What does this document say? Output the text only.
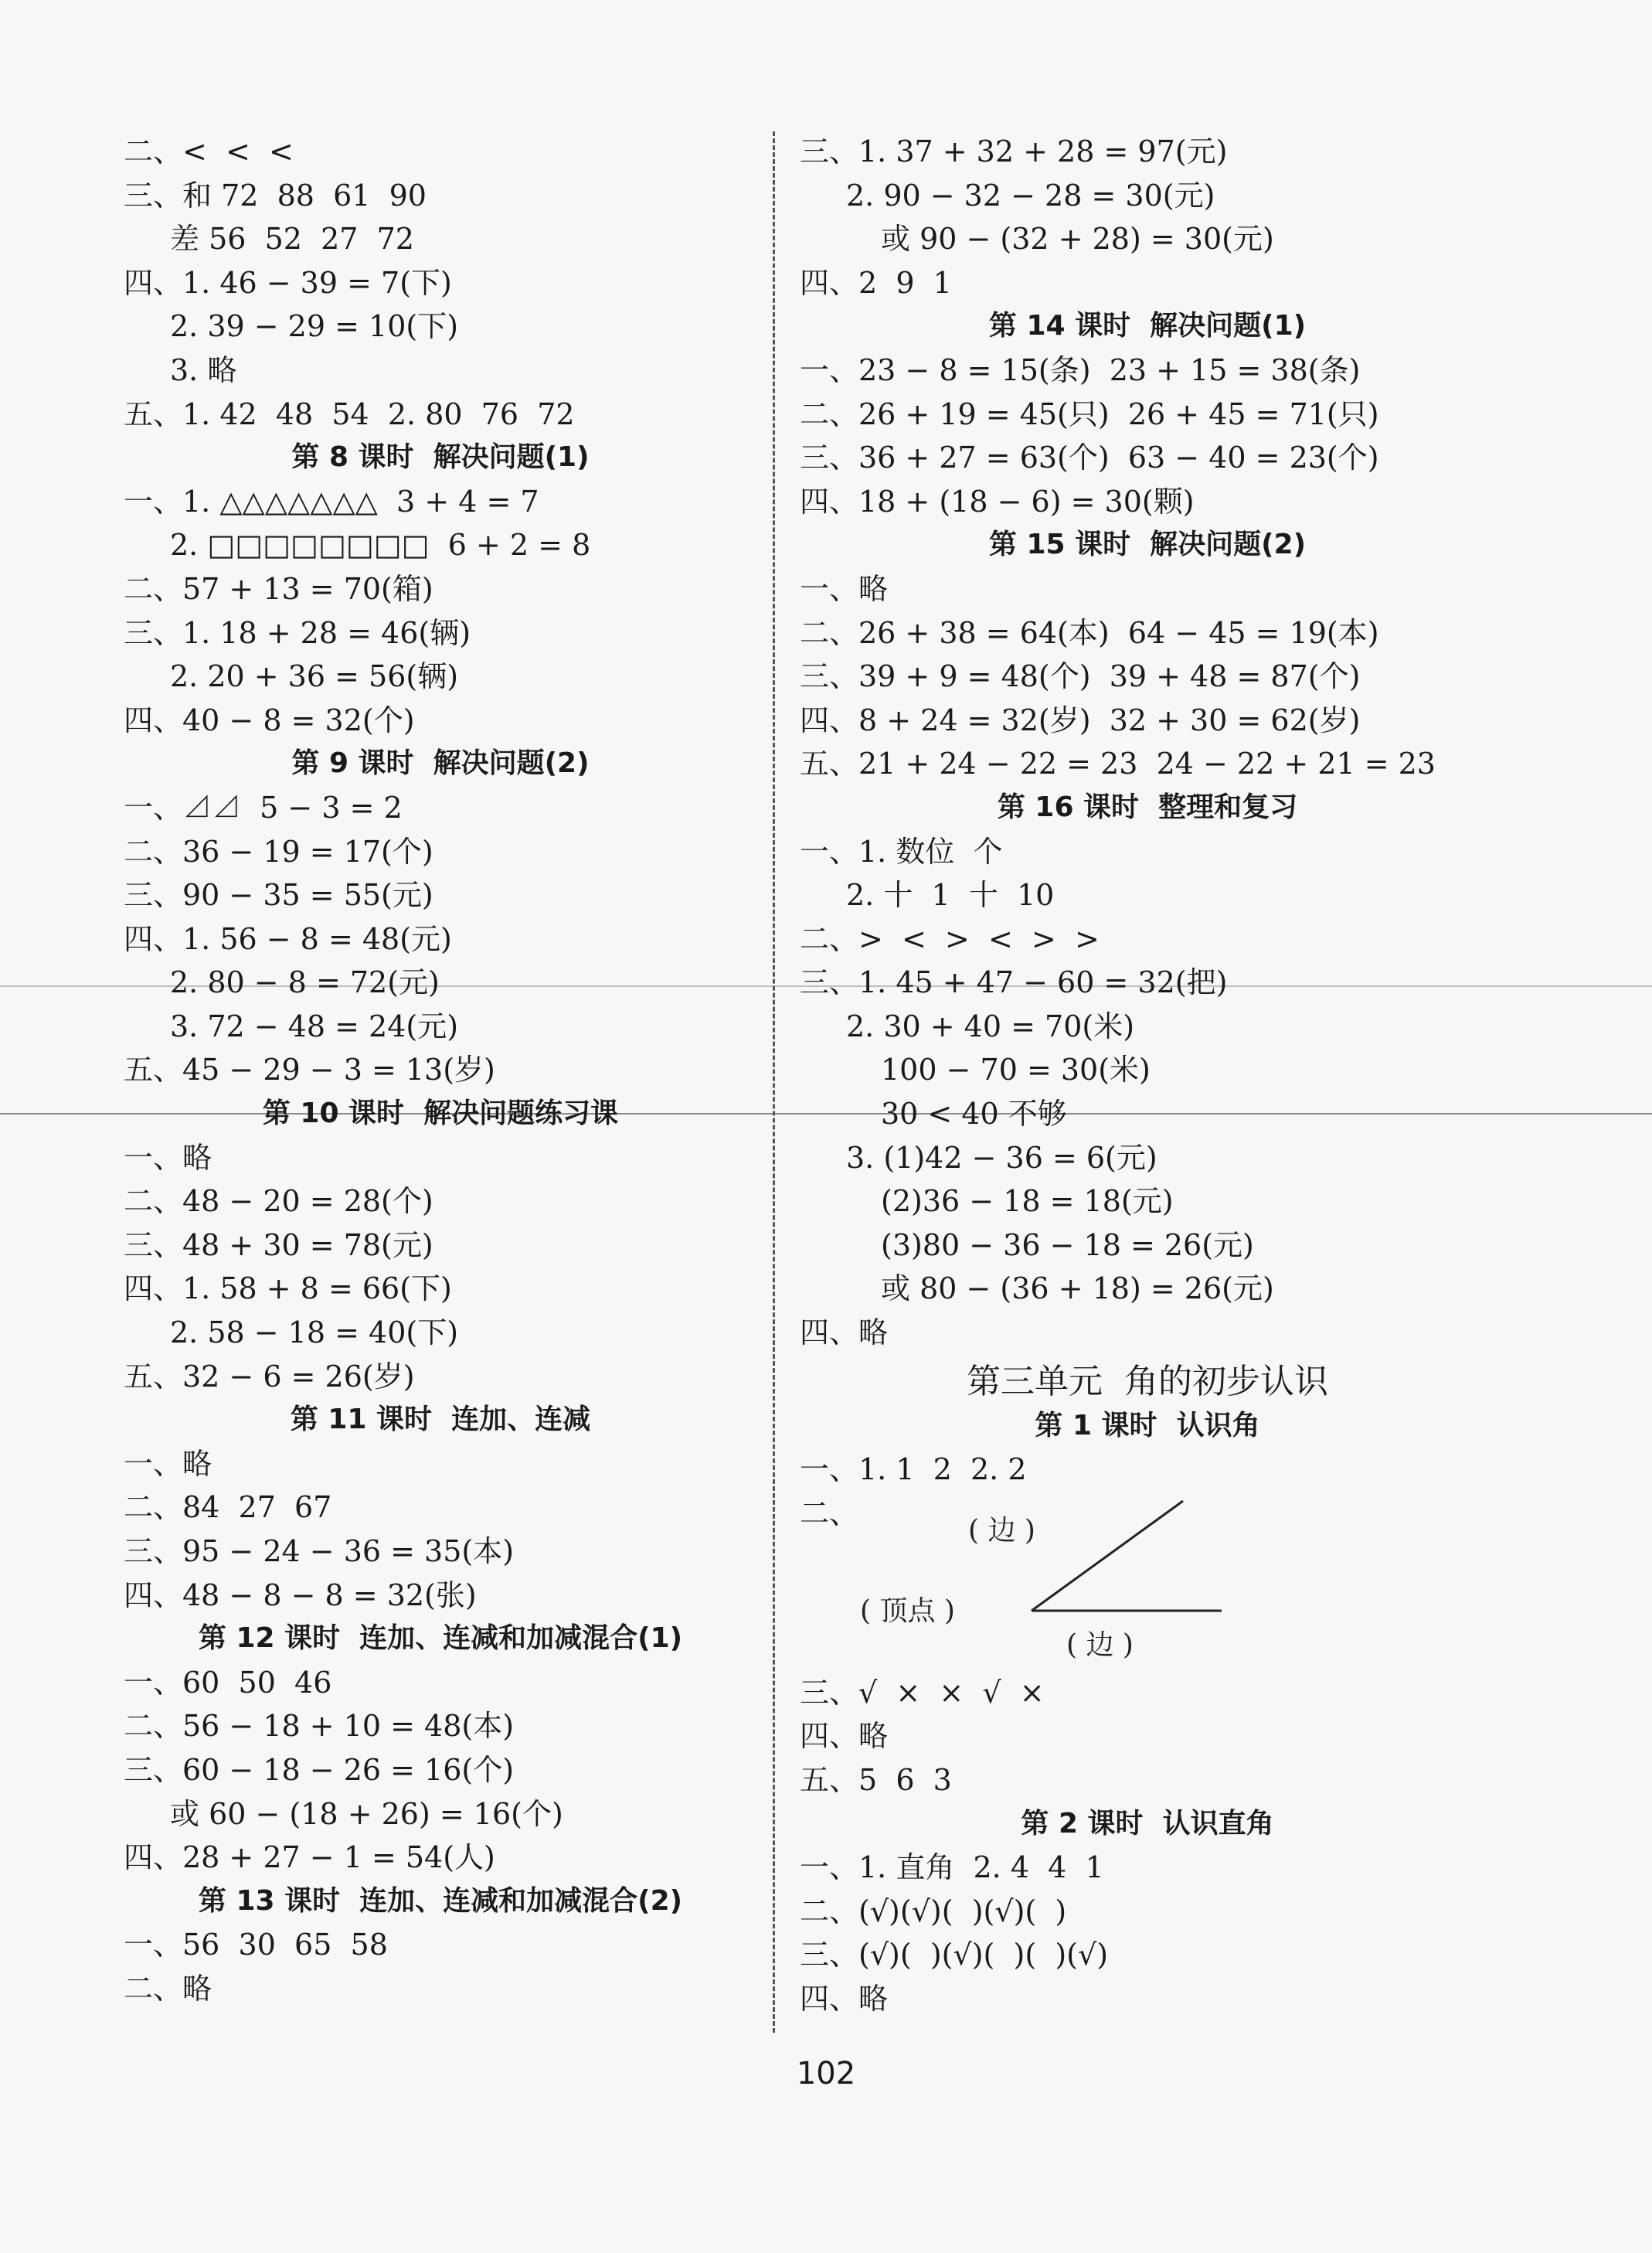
二、<  <  <
三、和 72  88  61  90
差 56  52  27  72
四、1. 46 − 39 = 7(下)
2. 39 − 29 = 10(下)
3. 略
五、1. 42  48  54  2. 80  76  72
第 8 课时  解决问题(1)
一、1. △△△△△△△  3 + 4 = 7
2. □□□□□□□□  6 + 2 = 8
二、57 + 13 = 70(箱)
三、1. 18 + 28 = 46(辆)
2. 20 + 36 = 56(辆)
四、40 − 8 = 32(个)
第 9 课时  解决问题(2)
一、⊿⊿  5 − 3 = 2
二、36 − 19 = 17(个)
三、90 − 35 = 55(元)
四、1. 56 − 8 = 48(元)
2. 80 − 8 = 72(元)
3. 72 − 48 = 24(元)
五、45 − 29 − 3 = 13(岁)
第 10 课时  解决问题练习课
一、略
二、48 − 20 = 28(个)
三、48 + 30 = 78(元)
四、1. 58 + 8 = 66(下)
2. 58 − 18 = 40(下)
五、32 − 6 = 26(岁)
第 11 课时  连加、连减
一、略
二、84  27  67
三、95 − 24 − 36 = 35(本)
四、48 − 8 − 8 = 32(张)
第 12 课时  连加、连减和加减混合(1)
一、60  50  46
二、56 − 18 + 10 = 48(本)
三、60 − 18 − 26 = 16(个)
或 60 − (18 + 26) = 16(个)
四、28 + 27 − 1 = 54(人)
第 13 课时  连加、连减和加减混合(2)
一、56  30  65  58
二、略
三、1. 37 + 32 + 28 = 97(元)
2. 90 − 32 − 28 = 30(元)
或 90 − (32 + 28) = 30(元)
四、2  9  1
第 14 课时  解决问题(1)
一、23 − 8 = 15(条)  23 + 15 = 38(条)
二、26 + 19 = 45(只)  26 + 45 = 71(只)
三、36 + 27 = 63(个)  63 − 40 = 23(个)
四、18 + (18 − 6) = 30(颗)
第 15 课时  解决问题(2)
一、略
二、26 + 38 = 64(本)  64 − 45 = 19(本)
三、39 + 9 = 48(个)  39 + 48 = 87(个)
四、8 + 24 = 32(岁)  32 + 30 = 62(岁)
五、21 + 24 − 22 = 23  24 − 22 + 21 = 23
第 16 课时  整理和复习
一、1. 数位  个
2. 十  1  十  10
二、>  <  >  <  >  >
三、1. 45 + 47 − 60 = 32(把)
2. 30 + 40 = 70(米)
100 − 70 = 30(米)
30 < 40 不够
3. (1)42 − 36 = 6(元)
(2)36 − 18 = 18(元)
(3)80 − 36 − 18 = 26(元)
或 80 − (36 + 18) = 26(元)
四、略
第三单元  角的初步认识
第 1 课时  认识角
一、1. 1  2  2. 2
二、
三、√  ×  ×  √  ×
四、略
五、5  6  3
第 2 课时  认识直角
一、1. 直角  2. 4  4  1
二、(√)(√)(  )(√)(  )
三、(√)(  )(√)(  )(  )(√)
四、略
( 边 )
( 顶点 )
( 边 )
102
